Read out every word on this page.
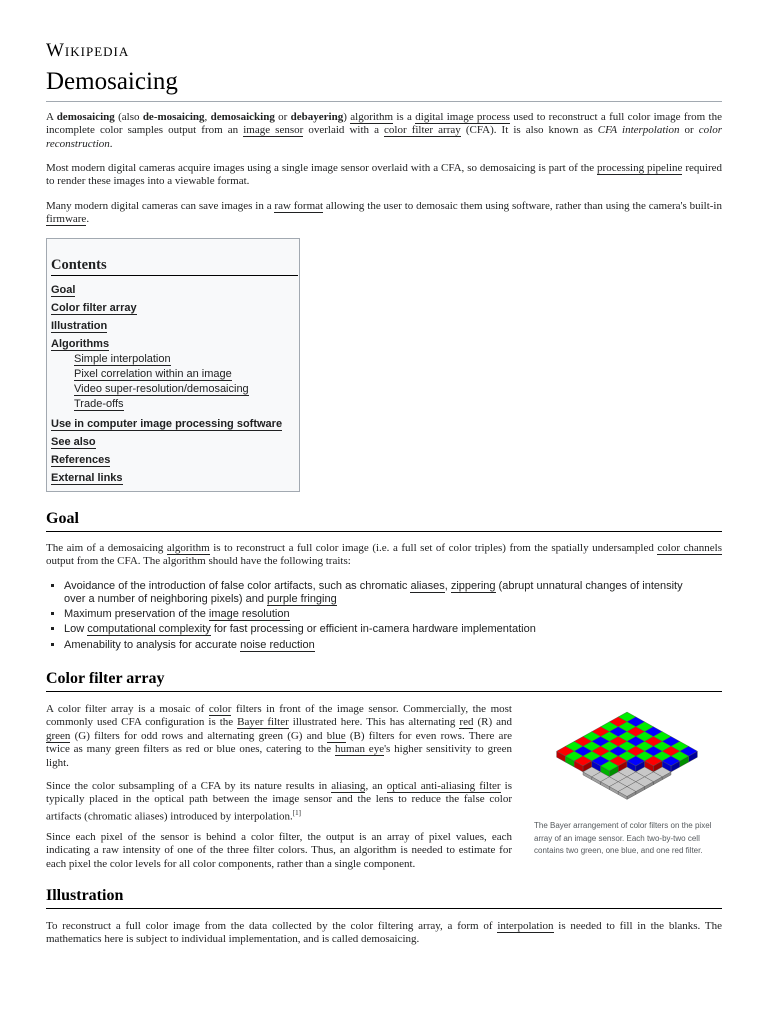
Wikipedia
Demosaicing

A demosaicing (also de-mosaicing, demosaicking or debayering) algorithm is a digital image process used to reconstruct a full color image from the incomplete color samples output from an image sensor overlaid with a color filter array (CFA). It is also known as CFA interpolation or color reconstruction.

Most modern digital cameras acquire images using a single image sensor overlaid with a CFA, so demosaicing is part of the processing pipeline required to render these images into a viewable format.

Many modern digital cameras can save images in a raw format allowing the user to demosaic them using software, rather than using the camera's built-in firmware.

Contents
Goal
Color filter array
Illustration
Algorithms
Simple interpolation
Pixel correlation within an image
Video super-resolution/demosaicing
Trade-offs
Use in computer image processing software
See also
References
External links
Goal

The aim of a demosaicing algorithm is to reconstruct a full color image (i.e. a full set of color triples) from the spatially undersampled color channels output from the CFA. The algorithm should have the following traits:

▪ Avoidance of the introduction of false color artifacts, such as chromatic aliases, zippering (abrupt unnatural changes of intensity over a number of neighboring pixels) and purple fringing
▪ Maximum preservation of the image resolution
▪ Low computational complexity for fast processing or efficient in-camera hardware implementation
▪ Amenability to analysis for accurate noise reduction
Color filter array

A color filter array is a mosaic of color filters in front of the image sensor. Commercially, the most commonly used CFA configuration is the Bayer filter illustrated here. This has alternating red (R) and green (G) filters for odd rows and alternating green (G) and blue (B) filters for even rows. There are twice as many green filters as red or blue ones, catering to the human eye's higher sensitivity to green light.

Since the color subsampling of a CFA by its nature results in aliasing, an optical anti-aliasing filter is typically placed in the optical path between the image sensor and the lens to reduce the false color artifacts (chromatic aliases) introduced by interpolation.[1]

Since each pixel of the sensor is behind a color filter, the output is an array of pixel values, each indicating a raw intensity of one of the three filter colors. Thus, an algorithm is needed to estimate for each pixel the color levels for all color components, rather than a single component.

The Bayer arrangement of color filters on the pixel array of an image sensor. Each two-by-two cell contains two green, one blue, and one red filter.
Illustration

To reconstruct a full color image from the data collected by the color filtering array, a form of interpolation is needed to fill in the blanks. The mathematics here is subject to individual implementation, and is called demosaicing.
